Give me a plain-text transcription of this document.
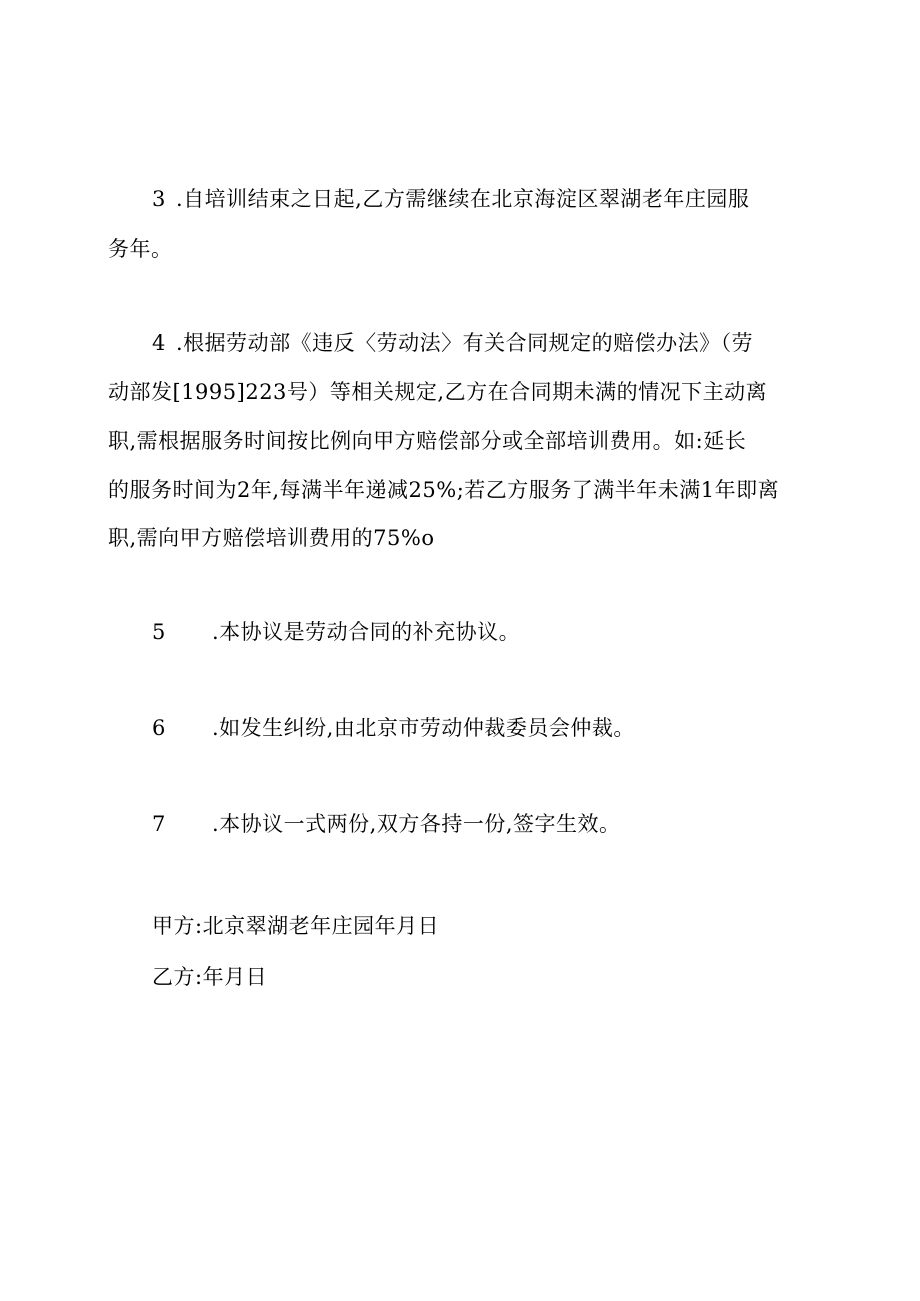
3 .自培训结束之日起,乙方需继续在北京海淀区翠湖老年庄园服
务年。
4 .根据劳动部《违反〈劳动法〉有关合同规定的赔偿办法》（劳
动部发[1995]223号）等相关规定,乙方在合同期未满的情况下主动离
职,需根据服务时间按比例向甲方赔偿部分或全部培训费用。如:延长
的服务时间为2年,每满半年递减25%;若乙方服务了满半年未满1年即离
职,需向甲方赔偿培训费用的75%o
5 .本协议是劳动合同的补充协议。
6 .如发生纠纷,由北京市劳动仲裁委员会仲裁。
7 .本协议一式两份,双方各持一份,签字生效。
甲方:北京翠湖老年庄园年月日
乙方:年月日
